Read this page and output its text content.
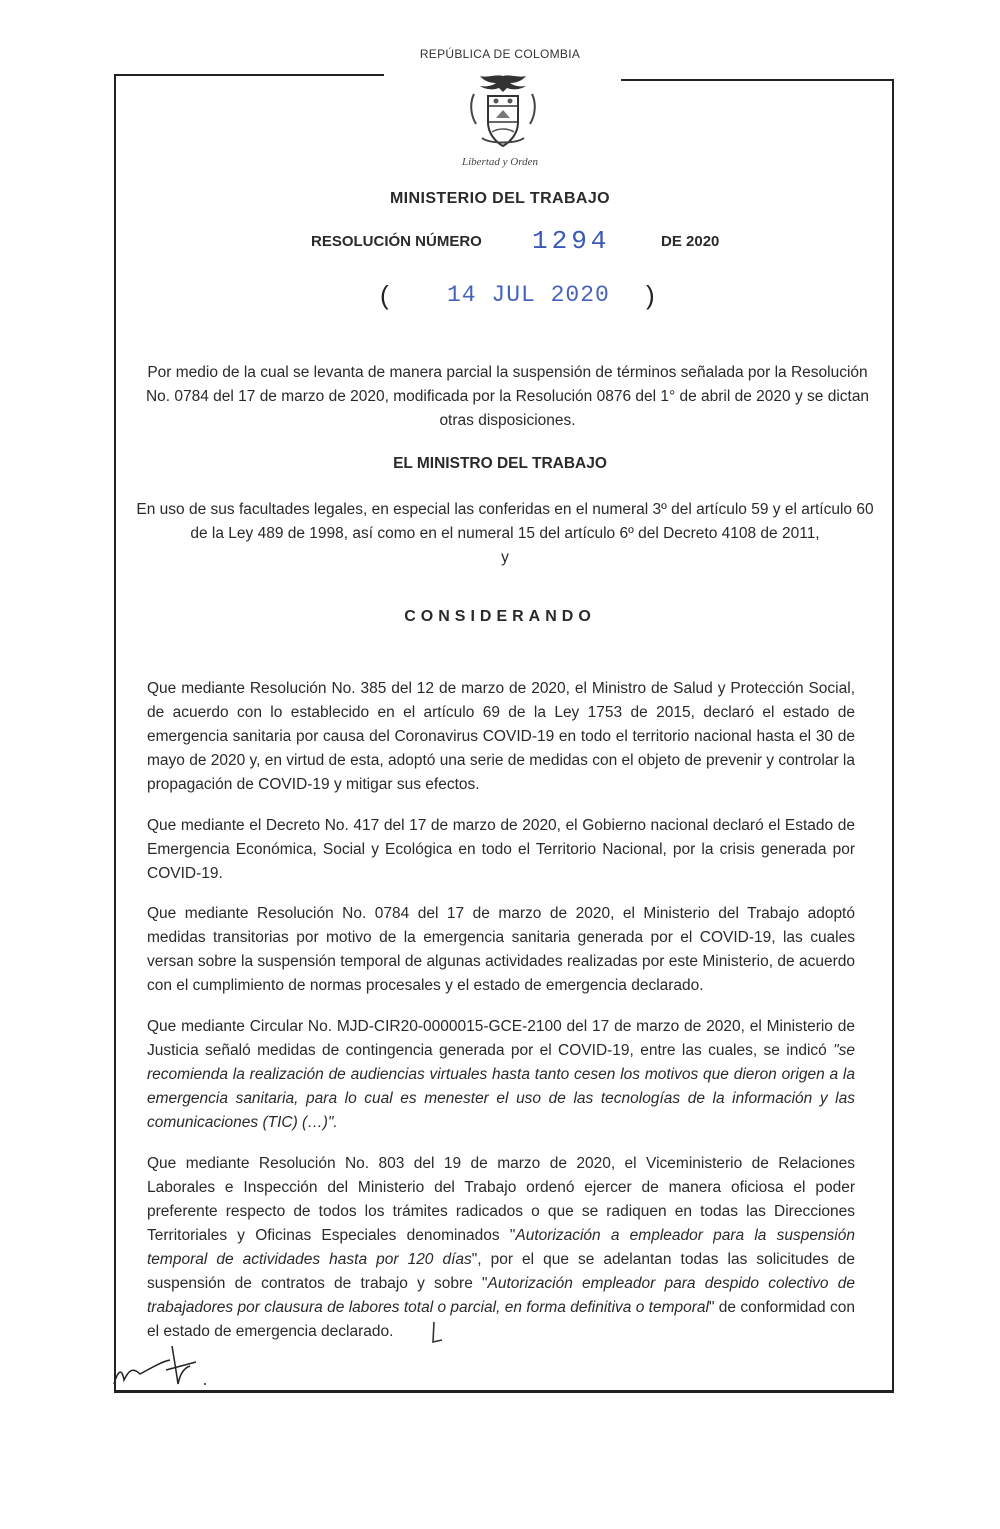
REPÚBLICA DE COLOMBIA
Libertad y Orden
MINISTERIO DEL TRABAJO
RESOLUCIÓN NÚMERO 1294	DE 2020
(	14 JUL 2020 )
Por medio de la cual se levanta de manera parcial la suspensión de términos señalada por la Resolución No. 0784 del 17 de marzo de 2020, modificada por la Resolución 0876 del 1° de abril de 2020 y se dictan otras disposiciones.
EL MINISTRO DEL TRABAJO
En uso de sus facultades legales, en especial las conferidas en el numeral 3º del artículo 59 y el artículo 60 de la Ley 489 de 1998, así como en el numeral 15 del artículo 6º del Decreto 4108 de 2011,
y
CONSIDERANDO
Que mediante Resolución No. 385 del 12 de marzo de 2020, el Ministro de Salud y Protección Social, de acuerdo con lo establecido en el artículo 69 de la Ley 1753 de 2015, declaró el estado de emergencia sanitaria por causa del Coronavirus COVID-19 en todo el territorio nacional hasta el 30 de mayo de 2020 y, en virtud de esta, adoptó una serie de medidas con el objeto de prevenir y controlar la propagación de COVID-19 y mitigar sus efectos.
Que mediante el Decreto No. 417 del 17 de marzo de 2020, el Gobierno nacional declaró el Estado de Emergencia Económica, Social y Ecológica en todo el Territorio Nacional, por la crisis generada por COVID-19.
Que mediante Resolución No. 0784 del 17 de marzo de 2020, el Ministerio del Trabajo adoptó medidas transitorias por motivo de la emergencia sanitaria generada por el COVID-19, las cuales versan sobre la suspensión temporal de algunas actividades realizadas por este Ministerio, de acuerdo con el cumplimiento de normas procesales y el estado de emergencia declarado.
Que mediante Circular No. MJD-CIR20-0000015-GCE-2100 del 17 de marzo de 2020, el Ministerio de Justicia señaló medidas de contingencia generada por el COVID-19, entre las cuales, se indicó "se recomienda la realización de audiencias virtuales hasta tanto cesen los motivos que dieron origen a la emergencia sanitaria, para lo cual es menester el uso de las tecnologías de la información y las comunicaciones (TIC) (…)".
Que mediante Resolución No. 803 del 19 de marzo de 2020, el Viceministerio de Relaciones Laborales e Inspección del Ministerio del Trabajo ordenó ejercer de manera oficiosa el poder preferente respecto de todos los trámites radicados o que se radiquen en todas las Direcciones Territoriales y Oficinas Especiales denominados "Autorización a empleador para la suspensión temporal de actividades hasta por 120 días", por el que se adelantan todas las solicitudes de suspensión de contratos de trabajo y sobre "Autorización empleador para despido colectivo de trabajadores por clausura de labores total o parcial, en forma definitiva o temporal" de conformidad con el estado de emergencia declarado.
